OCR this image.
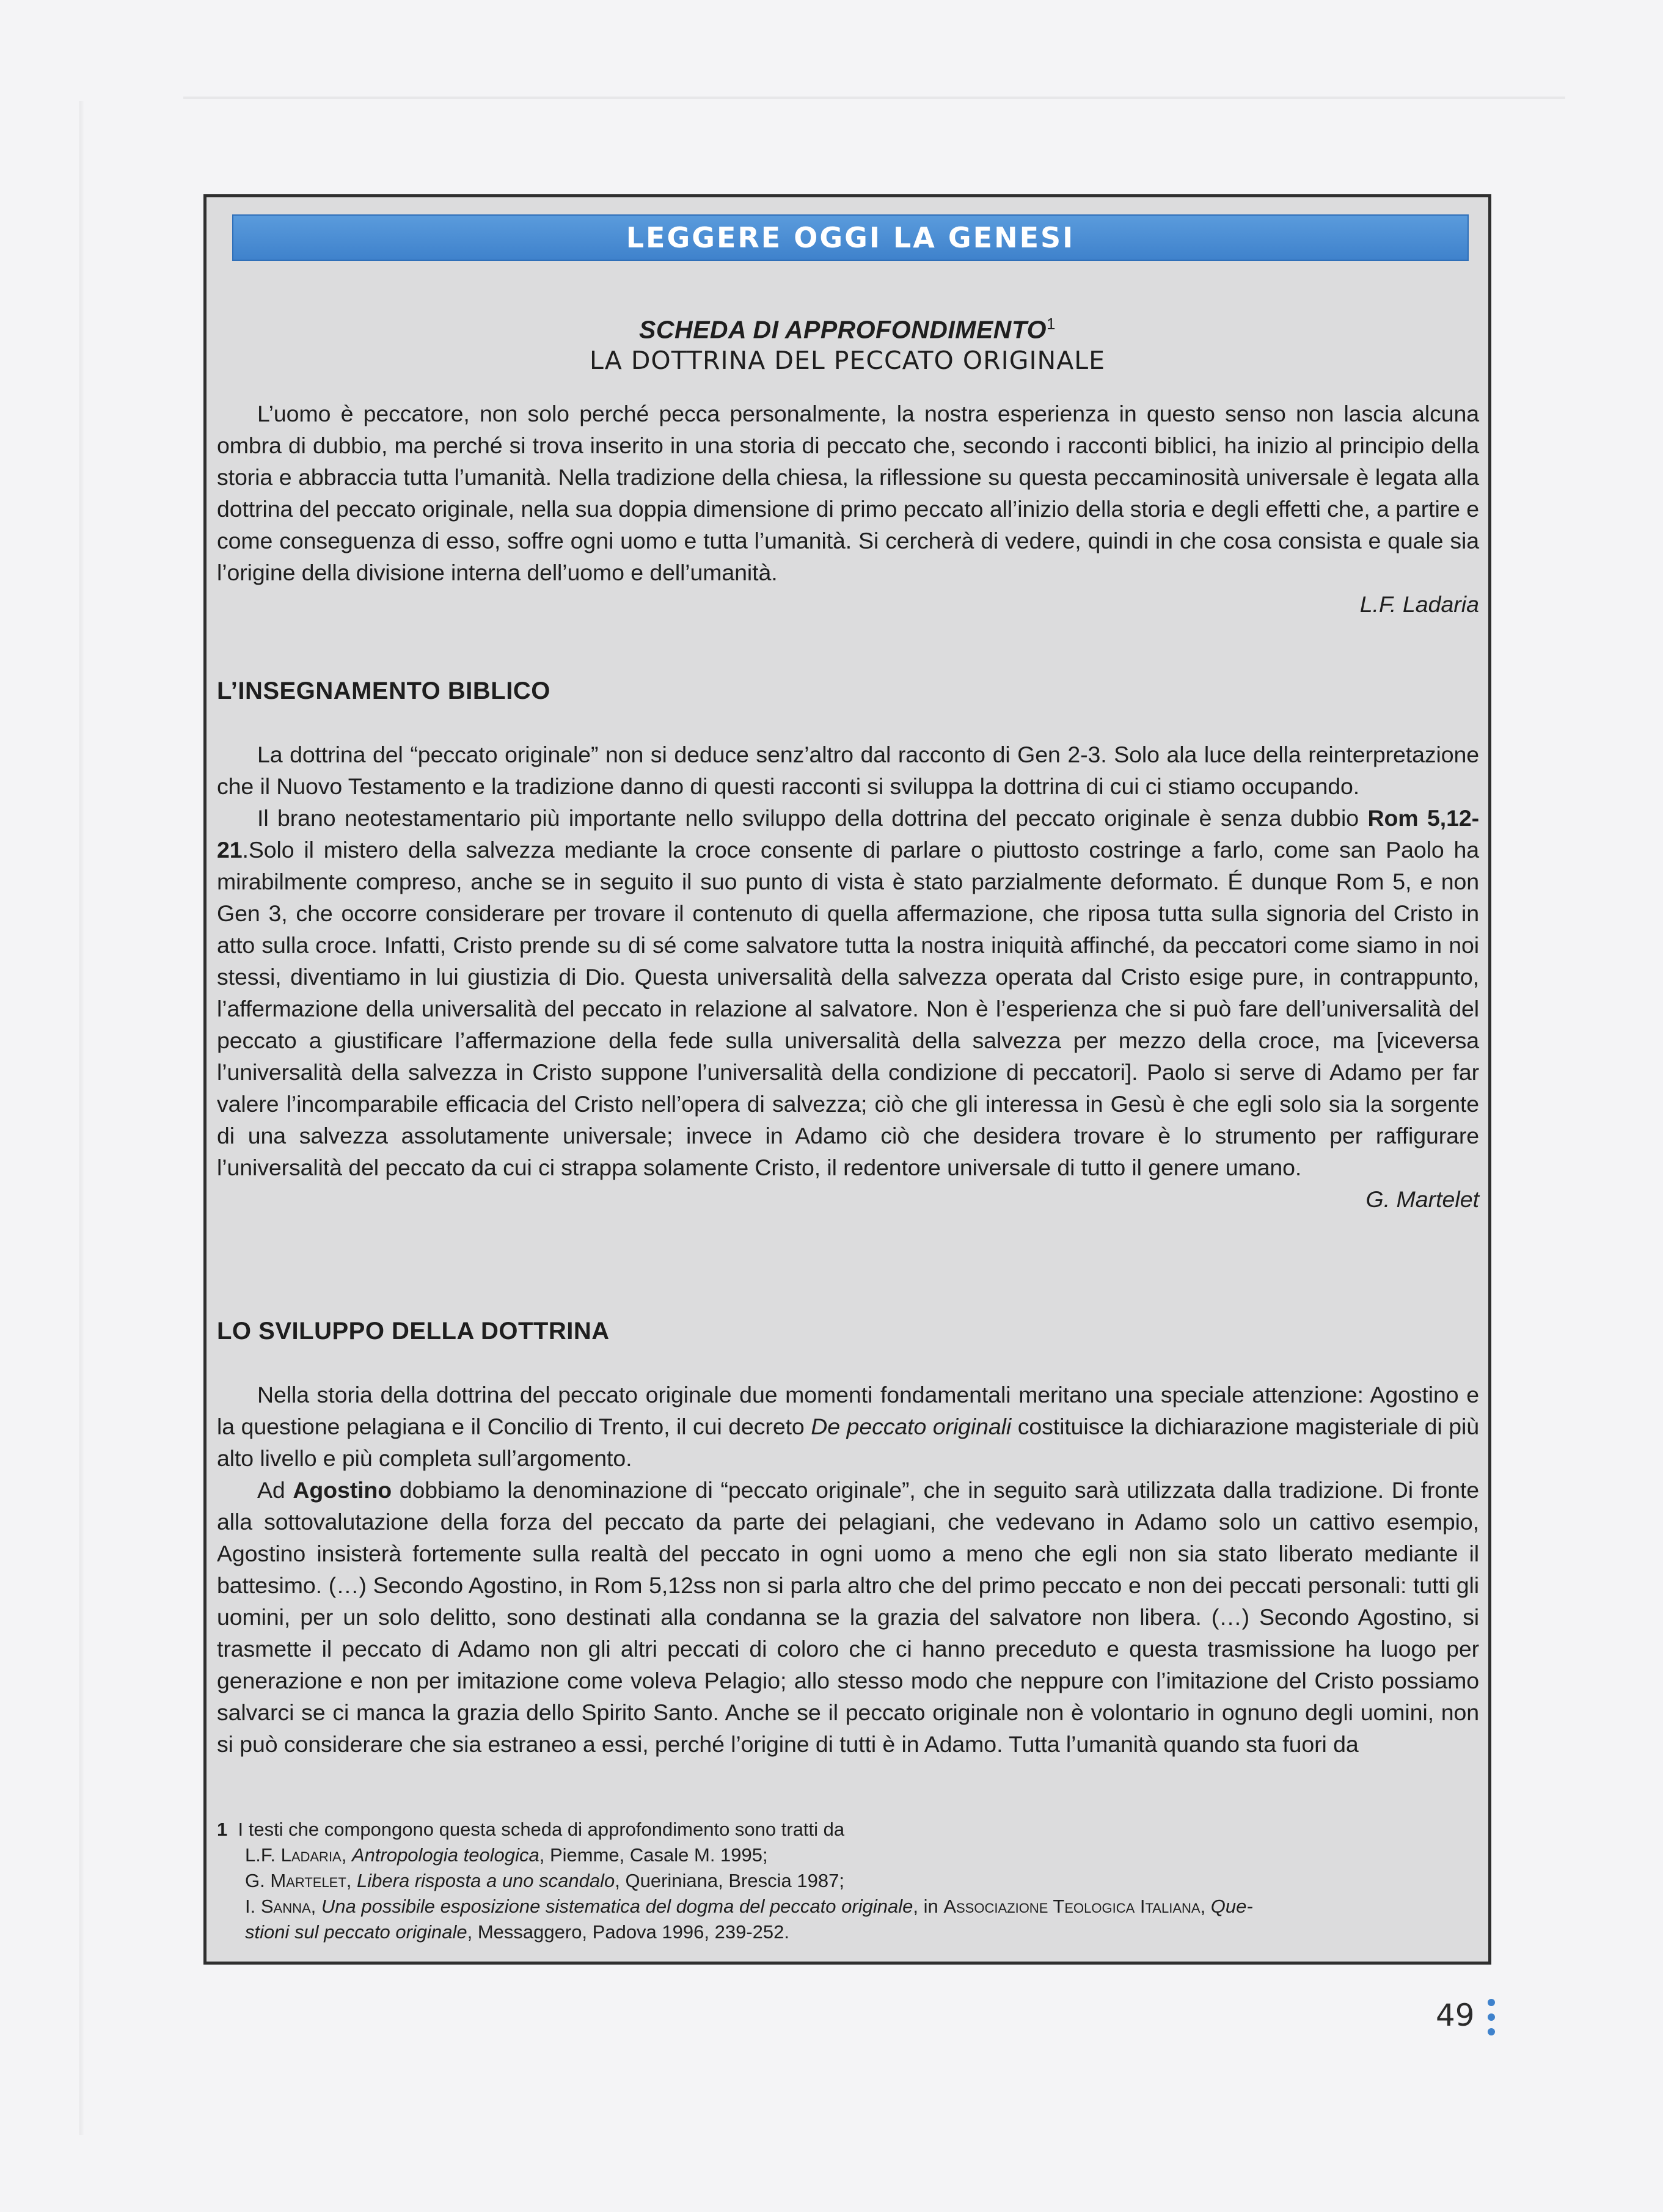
LEGGERE OGGI LA GENESI
SCHEDA DI APPROFONDIMENTO$^1$
LA DOTTRINA DEL PECCATO ORIGINALE

L’uomo è peccatore, non solo perché pecca personalmente, la nostra esperienza in questo senso non lascia alcuna ombra di dubbio, ma perché si trova inserito in una storia di peccato che, secondo i racconti biblici, ha inizio al principio della storia e abbraccia tutta l’umanità. Nella tradizione della chiesa, la riflessione su questa peccaminosità universale è legata alla dottrina del peccato originale, nella sua doppia dimensione di primo peccato all’inizio della storia e degli effetti che, a partire e come conseguenza di esso, soffre ogni uomo e tutta l’umanità. Si cercherà di vedere, quindi in che cosa consista e quale sia l’origine della divisione interna dell’uomo e dell’umanità.

L.F. Ladaria
L’INSEGNAMENTO BIBLICO

La dottrina del “peccato originale” non si deduce senz’altro dal racconto di Gen 2-3. Solo ala luce della reinterpretazione che il Nuovo Testamento e la tradizione danno di questi racconti si sviluppa la dottrina di cui ci stiamo occupando.

Il brano neotestamentario più importante nello sviluppo della dottrina del peccato originale è senza dubbio Rom 5,12-21.Solo il mistero della salvezza mediante la croce consente di parlare o piuttosto costringe a farlo, come san Paolo ha mirabilmente compreso, anche se in seguito il suo punto di vista è stato parzialmente deformato. É dunque Rom 5, e non Gen 3, che occorre considerare per trovare il contenuto di quella affermazione, che riposa tutta sulla signoria del Cristo in atto sulla croce. Infatti, Cristo prende su di sé come salvatore tutta la nostra iniquità affinché, da peccatori come siamo in noi stessi, diventiamo in lui giustizia di Dio. Questa universalità della salvezza operata dal Cristo esige pure, in contrappunto, l’affermazione della universalità del peccato in relazione al salvatore. Non è l’esperienza che si può fare dell’universalità del peccato a giustificare l’affermazione della fede sulla universalità della salvezza per mezzo della croce, ma [viceversa l’universalità della salvezza in Cristo suppone l’universalità della condizione di peccatori]. Paolo si serve di Adamo per far valere l’incomparabile efficacia del Cristo nell’opera di salvezza; ciò che gli interessa in Gesù è che egli solo sia la sorgente di una salvezza assolutamente universale; invece in Adamo ciò che desidera trovare è lo strumento per raffigurare l’universalità del peccato da cui ci strappa solamente Cristo, il redentore universale di tutto il genere umano.

G. Martelet
LO SVILUPPO DELLA DOTTRINA

Nella storia della dottrina del peccato originale due momenti fondamentali meritano una speciale attenzione: Agostino e la questione pelagiana e il Concilio di Trento, il cui decreto De peccato originali costituisce la dichiarazione magisteriale di più alto livello e più completa sull’argomento.

Ad Agostino dobbiamo la denominazione di “peccato originale”, che in seguito sarà utilizzata dalla tradizione. Di fronte alla sottovalutazione della forza del peccato da parte dei pelagiani, che vedevano in Adamo solo un cattivo esempio, Agostino insisterà fortemente sulla realtà del peccato in ogni uomo a meno che egli non sia stato liberato mediante il battesimo. (…) Secondo Agostino, in Rom 5,12ss non si parla altro che del primo peccato e non dei peccati personali: tutti gli uomini, per un solo delitto, sono destinati alla condanna se la grazia del salvatore non libera. (…) Secondo Agostino, si trasmette il peccato di Adamo non gli altri peccati di coloro che ci hanno preceduto e questa trasmissione ha luogo per generazione e non per imitazione come voleva Pelagio; allo stesso modo che neppure con l’imitazione del Cristo possiamo salvarci se ci manca la grazia dello Spirito Santo. Anche se il peccato originale non è volontario in ognuno degli uomini, non si può considerare che sia estraneo a essi, perché l’origine di tutti è in Adamo. Tutta l’umanità quando sta fuori da

1 I testi che compongono questa scheda di approfondimento sono tratti da
L.F. Ladaria, Antropologia teologica, Piemme, Casale M. 1995;
G. Martelet, Libera risposta a uno scandalo, Queriniana, Brescia 1987;
I. Sanna, Una possibile esposizione sistematica del dogma del peccato originale, in Associazione Teologica Italiana, Que-
stioni sul peccato originale, Messaggero, Padova 1996, 239-252.
49
